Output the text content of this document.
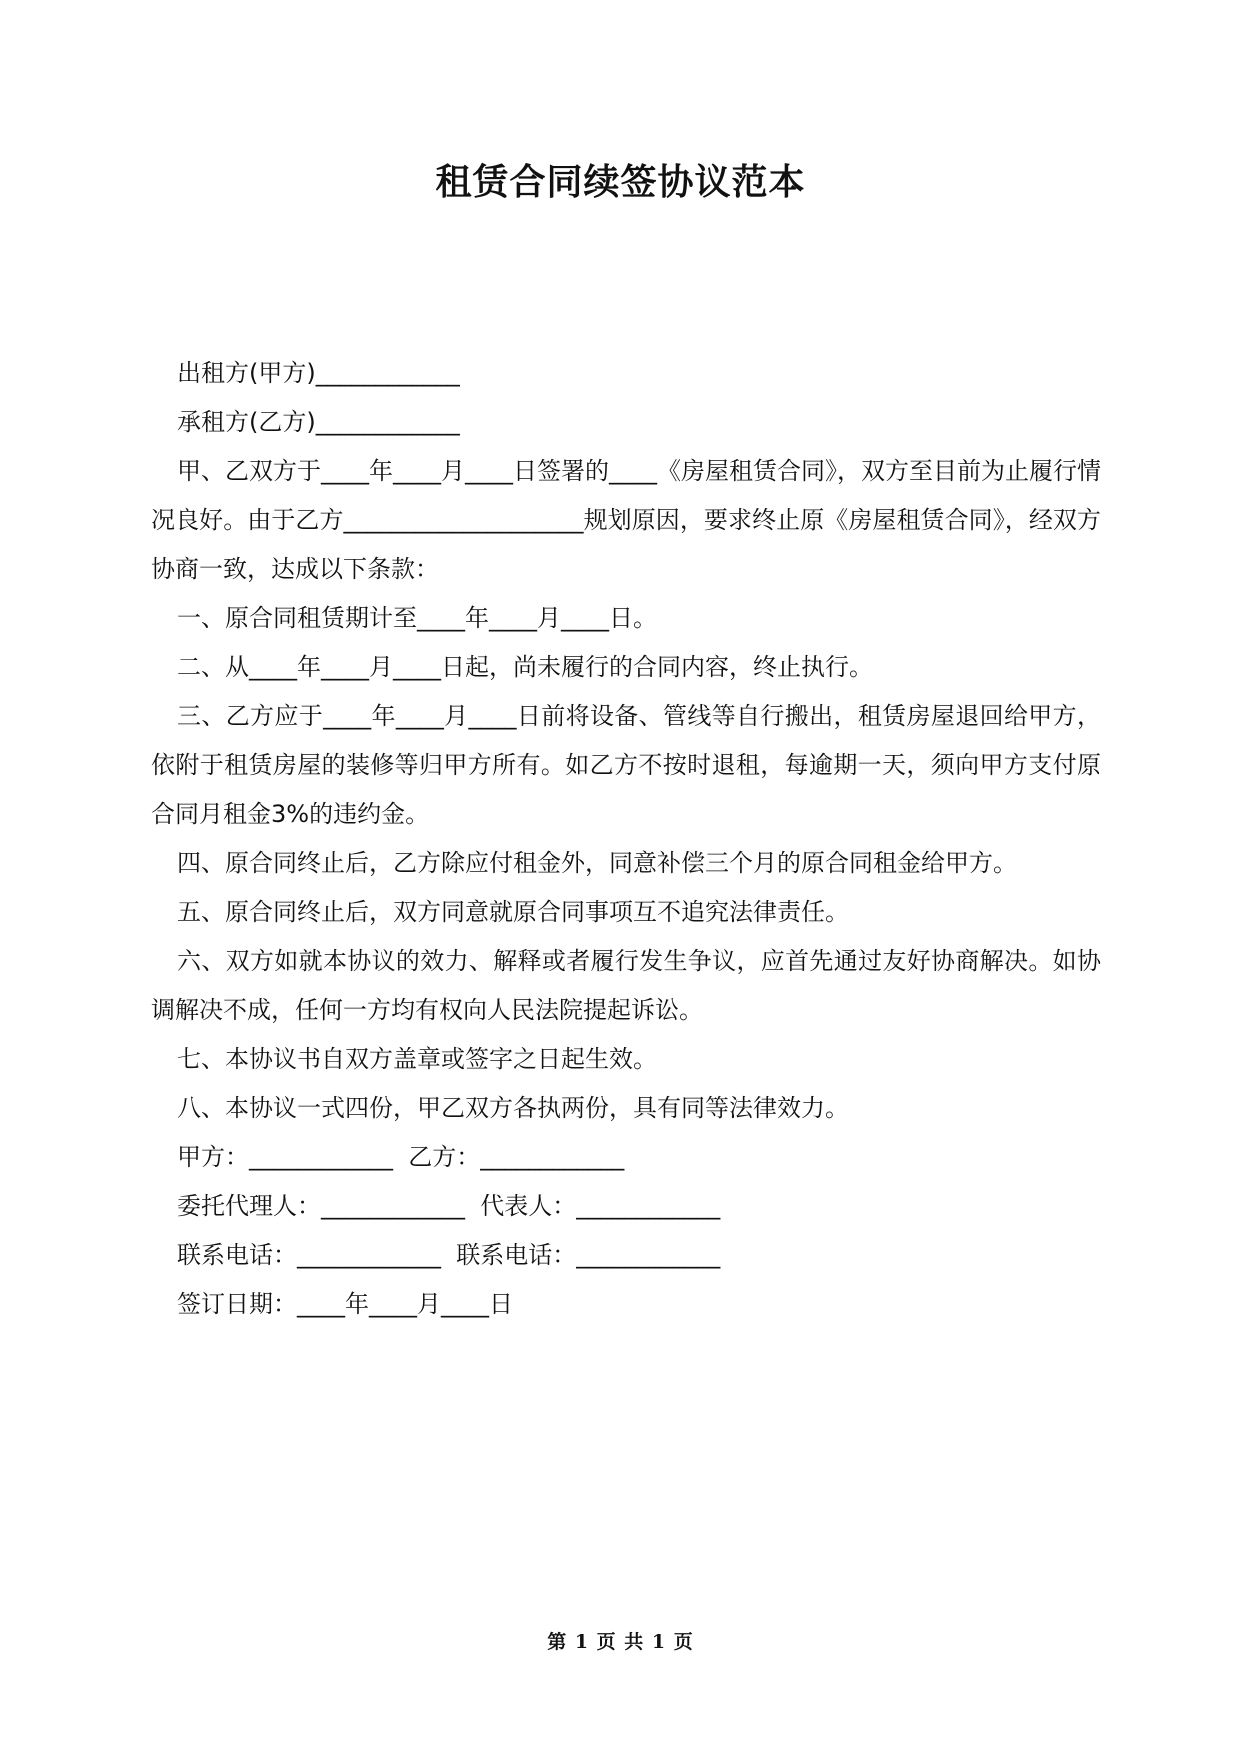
租赁合同续签协议范本

出租方(甲方)____________

承租方(乙方)____________

甲、乙双方于____年____月____日签署的____《房屋租赁合同》，双方至目前为止履行情况良好。由于乙方____________________规划原因，要求终止原《房屋租赁合同》，经双方协商一致，达成以下条款：

一、原合同租赁期计至____年____月____日。

二、从____年____月____日起，尚未履行的合同内容，终止执行。

三、乙方应于____年____月____日前将设备、管线等自行搬出，租赁房屋退回给甲方，依附于租赁房屋的装修等归甲方所有。如乙方不按时退租，每逾期一天，须向甲方支付原合同月租金3%的违约金。

四、原合同终止后，乙方除应付租金外，同意补偿三个月的原合同租金给甲方。

五、原合同终止后，双方同意就原合同事项互不追究法律责任。

六、双方如就本协议的效力、解释或者履行发生争议，应首先通过友好协商解决。如协调解决不成，任何一方均有权向人民法院提起诉讼。

七、本协议书自双方盖章或签字之日起生效。

八、本协议一式四份，甲乙双方各执两份，具有同等法律效力。

甲方：____________  乙方：____________

委托代理人：____________  代表人：____________

联系电话：____________  联系电话：____________

签订日期：____年____月____日

第 1 页 共 1 页
